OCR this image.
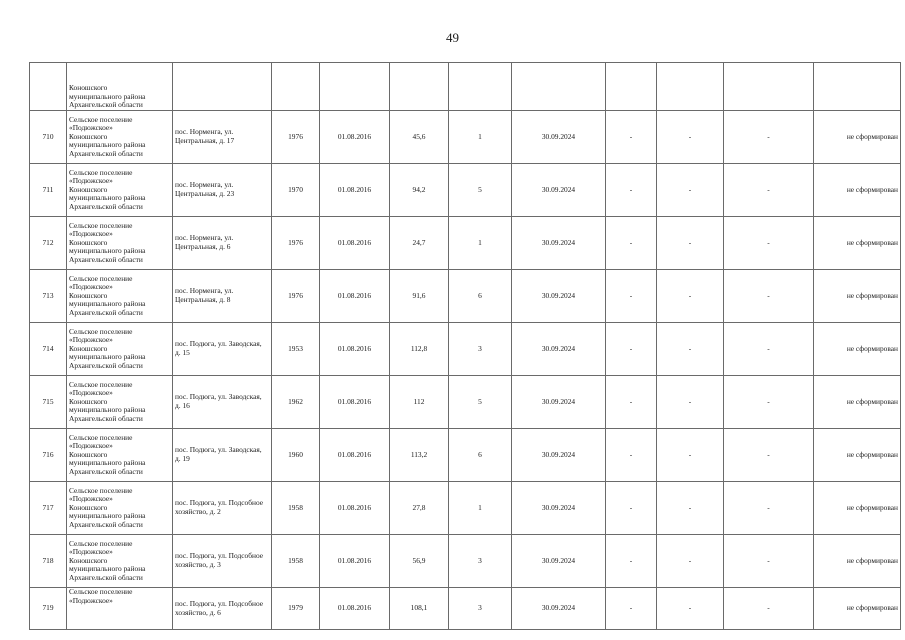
49

	Коношского
муниципального района
Архангельской области										

710	Сельское поселение
«Подюжское»
Коношского
муниципального района
Архангельской области	пос. Норменга, ул. Центральная, д. 17	1976	01.08.2016	45,6	1	30.09.2024	-	-	-	не сформирован
711	Сельское поселение
«Подюжское»
Коношского
муниципального района
Архангельской области	пос. Норменга, ул. Центральная, д. 23	1970	01.08.2016	94,2	5	30.09.2024	-	-	-	не сформирован
712	Сельское поселение
«Подюжское»
Коношского
муниципального района
Архангельской области	пос. Норменга, ул. Центральная, д. 6	1976	01.08.2016	24,7	1	30.09.2024	-	-	-	не сформирован
713	Сельское поселение
«Подюжское»
Коношского
муниципального района
Архангельской области	пос. Норменга, ул. Центральная, д. 8	1976	01.08.2016	91,6	6	30.09.2024	-	-	-	не сформирован
714	Сельское поселение
«Подюжское»
Коношского
муниципального района
Архангельской области	пос. Подюга, ул. Заводская, д. 15	1953	01.08.2016	112,8	3	30.09.2024	-	-	-	не сформирован
715	Сельское поселение
«Подюжское»
Коношского
муниципального района
Архангельской области	пос. Подюга, ул. Заводская, д. 16	1962	01.08.2016	112	5	30.09.2024	-	-	-	не сформирован
716	Сельское поселение
«Подюжское»
Коношского
муниципального района
Архангельской области	пос. Подюга, ул. Заводская, д. 19	1960	01.08.2016	113,2	6	30.09.2024	-	-	-	не сформирован
717	Сельское поселение
«Подюжское»
Коношского
муниципального района
Архангельской области	пос. Подюга, ул. Подсобное хозяйство, д. 2	1958	01.08.2016	27,8	1	30.09.2024	-	-	-	не сформирован
718	Сельское поселение
«Подюжское»
Коношского
муниципального района
Архангельской области	пос. Подюга, ул. Подсобное хозяйство, д. 3	1958	01.08.2016	56,9	3	30.09.2024	-	-	-	не сформирован
719	Сельское поселение
«Подюжское»	пос. Подюга, ул. Подсобное хозяйство, д. 6	1979	01.08.2016	108,1	3	30.09.2024	-	-	-	не сформирован
